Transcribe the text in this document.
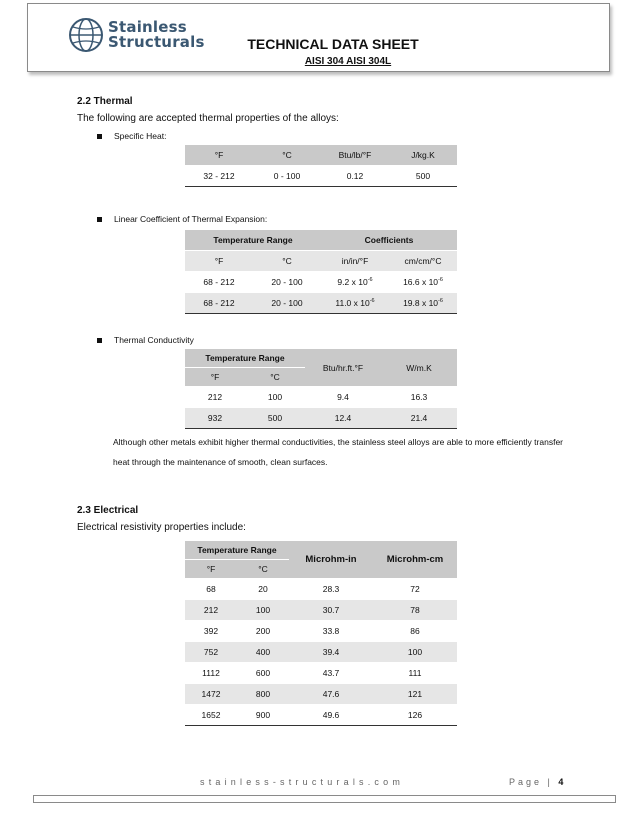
Stainless
Structurals	TECHNICAL DATA SHEET
AISI 304 AISI 304L
2.2 Thermal
The following are accepted thermal properties of the alloys:
Specific Heat:
°F	°C	Btu/lb/°F	J/kg.K
32 - 212	0 - 100	0.12	500
Linear Coefficient of Thermal Expansion:
Temperature Range		Coefficients	
°F	°C	in/in/°F	cm/cm/°C
68 - 212	20 - 100	9.2 x $10^{-6}$	16.6 x $10^{-6}$
68 - 212	20 - 100	11.0 x $10^{-6}$	19.8 x $10^{-6}$
Thermal Conductivity
Temperature Range		Btu/hr.ft.°F	W/m.K
°F	°C		
212	100	9.4	16.3
932	500	12.4	21.4
Although other metals exhibit higher thermal conductivities, the stainless steel alloys are able to more efficiently transfer heat through the maintenance of smooth, clean surfaces.
2.3 Electrical
Electrical resistivity properties include:
Temperature Range		Microhm-in	Microhm-cm
°F	°C		
68	20	28.3	72
212	100	30.7	78
392	200	33.8	86
752	400	39.4	100
1112	600	43.7	111
1472	800	47.6	121
1652	900	49.6	126
stainless-structurals.com	Page | 4
